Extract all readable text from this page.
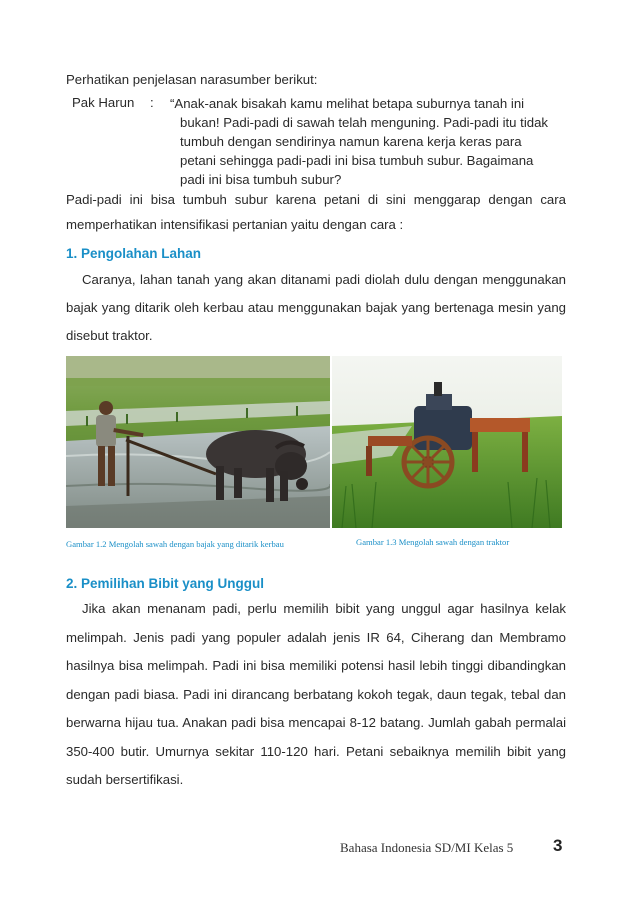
Perhatikan penjelasan narasumber berikut:
Pak Harun : “Anak-anak bisakah kamu melihat betapa suburnya tanah ini
bukan! Padi-padi di sawah telah menguning. Padi-padi itu tidak
tumbuh dengan sendirinya namun karena kerja keras para
petani sehingga padi-padi ini bisa tumbuh subur. Bagaimana
padi ini bisa tumbuh subur?
Padi-padi ini bisa tumbuh subur karena petani di sini menggarap dengan cara memperhatikan intensifikasi pertanian yaitu dengan cara :
1. Pengolahan Lahan
Caranya, lahan tanah yang akan ditanami padi diolah dulu dengan menggunakan bajak yang ditarik oleh kerbau atau menggunakan bajak yang bertenaga mesin yang disebut traktor.
Gambar 1.2 Mengolah sawah dengan bajak yang ditarik kerbau	Gambar 1.3 Mengolah sawah dengan traktor
2. Pemilihan Bibit yang Unggul
Jika akan menanam padi, perlu memilih bibit yang unggul agar hasilnya kelak melimpah. Jenis padi yang populer adalah jenis IR 64, Ciherang dan Membramo hasilnya bisa melimpah. Padi ini bisa memiliki potensi hasil lebih tinggi dibandingkan dengan padi biasa. Padi ini dirancang berbatang kokoh tegak, daun tegak, tebal dan berwarna hijau tua. Anakan padi bisa mencapai 8-12 batang. Jumlah gabah permalai 350-400 butir. Umurnya sekitar 110-120 hari. Petani sebaiknya memilih bibit yang sudah bersertifikasi.
Bahasa Indonesia SD/MI Kelas 5 3
